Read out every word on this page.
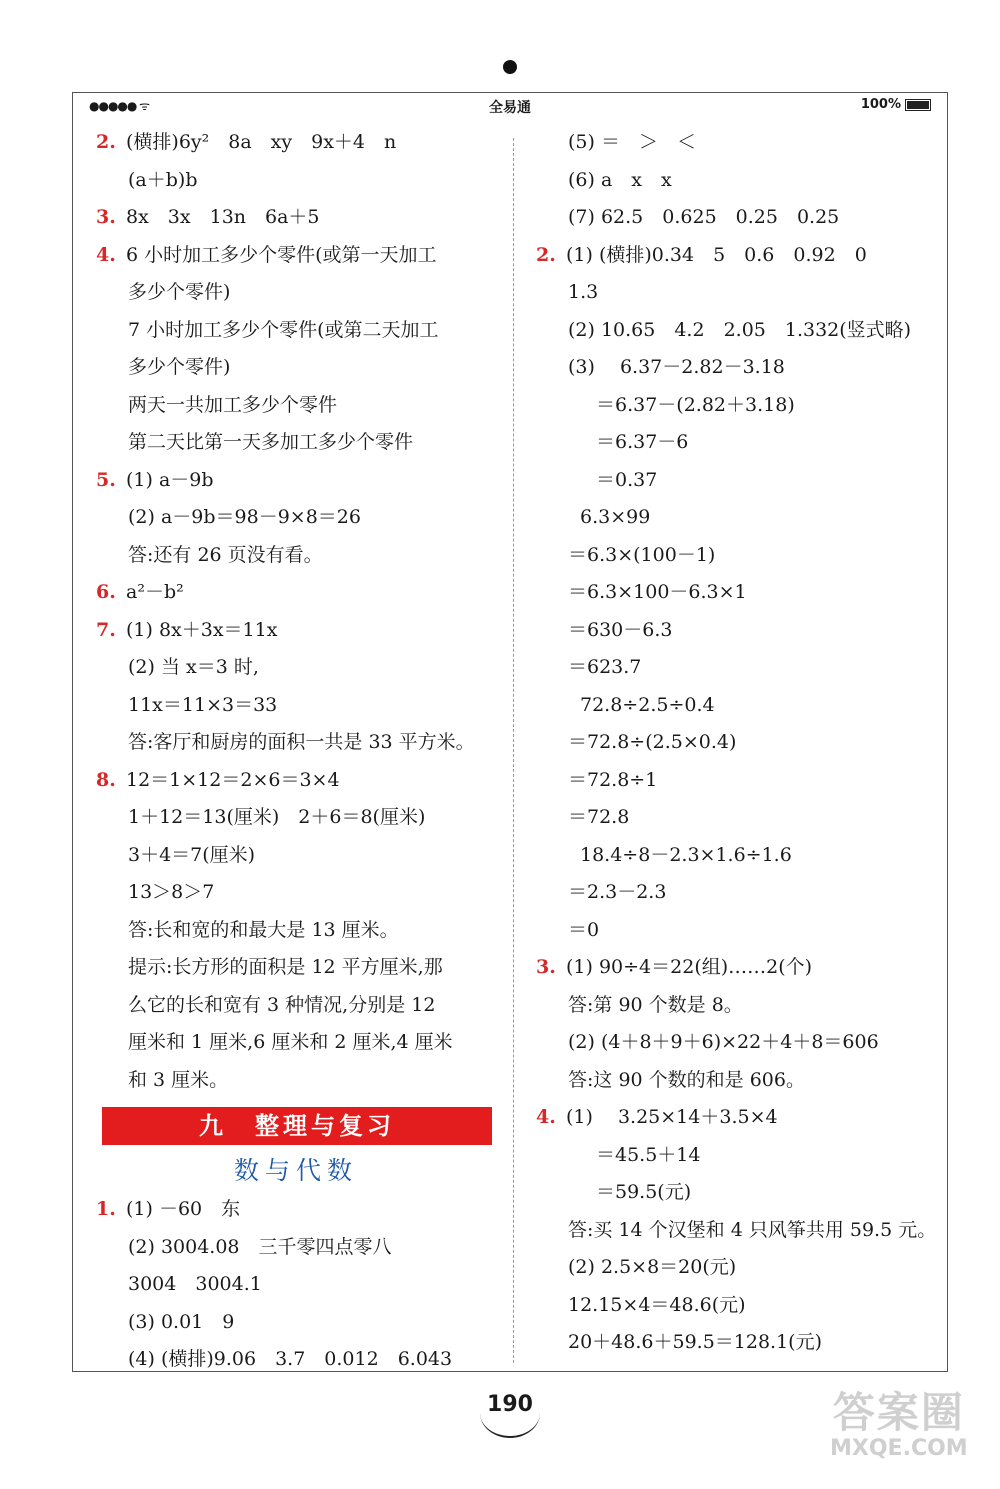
●●●●● ᯤ	全易通	100%
2. (横排)6y²　8a　xy　9x＋4　n
(a＋b)b
3. 8x　3x　13n　6a＋5
4. 6 小时加工多少个零件(或第一天加工
多少个零件)
7 小时加工多少个零件(或第二天加工
多少个零件)
两天一共加工多少个零件
第二天比第一天多加工多少个零件
5. (1) a－9b
(2) a－9b＝98－9×8＝26
答:还有 26 页没有看。
6. a²－b²
7. (1) 8x＋3x＝11x
(2) 当 x＝3 时,
11x＝11×3＝33
答:客厅和厨房的面积一共是 33 平方米。
8. 12＝1×12＝2×6＝3×4
1＋12＝13(厘米)　2＋6＝8(厘米)
3＋4＝7(厘米)
13＞8＞7
答:长和宽的和最大是 13 厘米。
提示:长方形的面积是 12 平方厘米,那
么它的长和宽有 3 种情况,分别是 12
厘米和 1 厘米,6 厘米和 2 厘米,4 厘米
和 3 厘米。
九　整理与复习
数与代数
1. (1) －60　东
(2) 3004.08　三千零四点零八
3004　3004.1
(3) 0.01　9
(4) (横排)9.06　3.7　0.012　6.043
(5) ＝　＞　＜
(6) a　x　x
(7) 62.5　0.625　0.25　0.25
2. (1) (横排)0.34　5　0.6　0.92　0
1.3
(2) 10.65　4.2　2.05　1.332(竖式略)
(3)　 6.37－2.82－3.18
＝6.37－(2.82＋3.18)
＝6.37－6
＝0.37
6.3×99
＝6.3×(100－1)
＝6.3×100－6.3×1
＝630－6.3
＝623.7
72.8÷2.5÷0.4
＝72.8÷(2.5×0.4)
＝72.8÷1
＝72.8
18.4÷8－2.3×1.6÷1.6
＝2.3－2.3
＝0
3. (1) 90÷4＝22(组)……2(个)
答:第 90 个数是 8。
(2) (4＋8＋9＋6)×22＋4＋8＝606
答:这 90 个数的和是 606。
4. (1)　 3.25×14＋3.5×4
＝45.5＋14
＝59.5(元)
答:买 14 个汉堡和 4 只风筝共用 59.5 元。
(2) 2.5×8＝20(元)
12.15×4＝48.6(元)
20＋48.6＋59.5＝128.1(元)
190	答案圈
MXQE.COM
